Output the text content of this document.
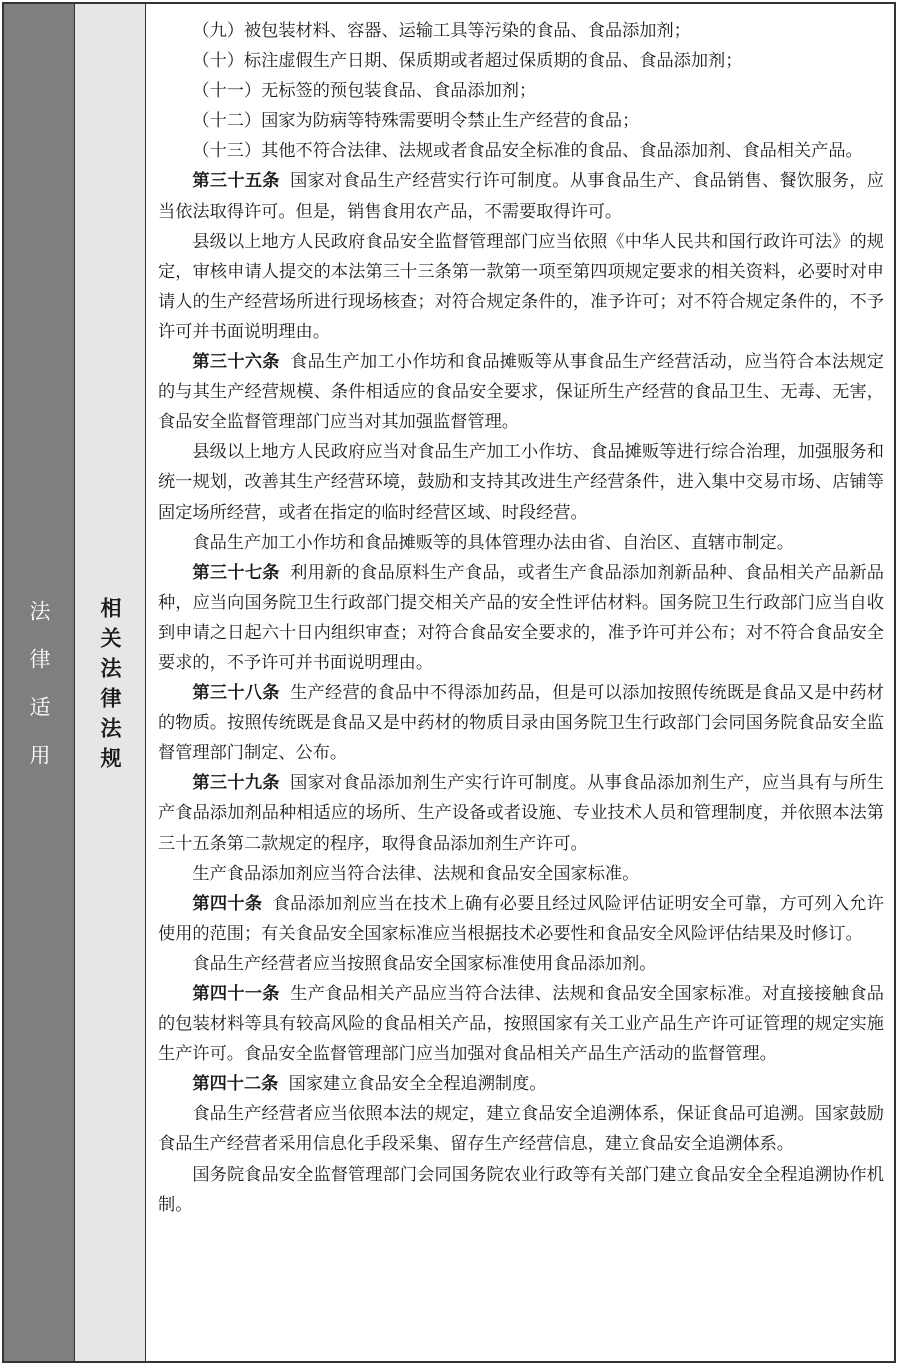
法律适用 相关法律法规

（九）被包装材料、容器、运输工具等污染的食品、食品添加剂；

（十）标注虚假生产日期、保质期或者超过保质期的食品、食品添加剂；

（十一）无标签的预包装食品、食品添加剂；

（十二）国家为防病等特殊需要明令禁止生产经营的食品；

（十三）其他不符合法律、法规或者食品安全标准的食品、食品添加剂、食品相关产品。

第三十五条 国家对食品生产经营实行许可制度。从事食品生产、食品销售、餐饮服务，应当依法取得许可。但是，销售食用农产品，不需要取得许可。

县级以上地方人民政府食品安全监督管理部门应当依照《中华人民共和国行政许可法》的规定，审核申请人提交的本法第三十三条第一款第一项至第四项规定要求的相关资料，必要时对申请人的生产经营场所进行现场核查；对符合规定条件的，准予许可；对不符合规定条件的，不予许可并书面说明理由。

第三十六条 食品生产加工小作坊和食品摊贩等从事食品生产经营活动，应当符合本法规定的与其生产经营规模、条件相适应的食品安全要求，保证所生产经营的食品卫生、无毒、无害，食品安全监督管理部门应当对其加强监督管理。

县级以上地方人民政府应当对食品生产加工小作坊、食品摊贩等进行综合治理，加强服务和统一规划，改善其生产经营环境，鼓励和支持其改进生产经营条件，进入集中交易市场、店铺等固定场所经营，或者在指定的临时经营区域、时段经营。

食品生产加工小作坊和食品摊贩等的具体管理办法由省、自治区、直辖市制定。

第三十七条 利用新的食品原料生产食品，或者生产食品添加剂新品种、食品相关产品新品种，应当向国务院卫生行政部门提交相关产品的安全性评估材料。国务院卫生行政部门应当自收到申请之日起六十日内组织审查；对符合食品安全要求的，准予许可并公布；对不符合食品安全要求的，不予许可并书面说明理由。

第三十八条 生产经营的食品中不得添加药品，但是可以添加按照传统既是食品又是中药材的物质。按照传统既是食品又是中药材的物质目录由国务院卫生行政部门会同国务院食品安全监督管理部门制定、公布。

第三十九条 国家对食品添加剂生产实行许可制度。从事食品添加剂生产，应当具有与所生产食品添加剂品种相适应的场所、生产设备或者设施、专业技术人员和管理制度，并依照本法第三十五条第二款规定的程序，取得食品添加剂生产许可。

生产食品添加剂应当符合法律、法规和食品安全国家标准。

第四十条 食品添加剂应当在技术上确有必要且经过风险评估证明安全可靠，方可列入允许使用的范围；有关食品安全国家标准应当根据技术必要性和食品安全风险评估结果及时修订。

食品生产经营者应当按照食品安全国家标准使用食品添加剂。

第四十一条 生产食品相关产品应当符合法律、法规和食品安全国家标准。对直接接触食品的包装材料等具有较高风险的食品相关产品，按照国家有关工业产品生产许可证管理的规定实施生产许可。食品安全监督管理部门应当加强对食品相关产品生产活动的监督管理。

第四十二条 国家建立食品安全全程追溯制度。

食品生产经营者应当依照本法的规定，建立食品安全追溯体系，保证食品可追溯。国家鼓励食品生产经营者采用信息化手段采集、留存生产经营信息，建立食品安全追溯体系。

国务院食品安全监督管理部门会同国务院农业行政等有关部门建立食品安全全程追溯协作机制。
